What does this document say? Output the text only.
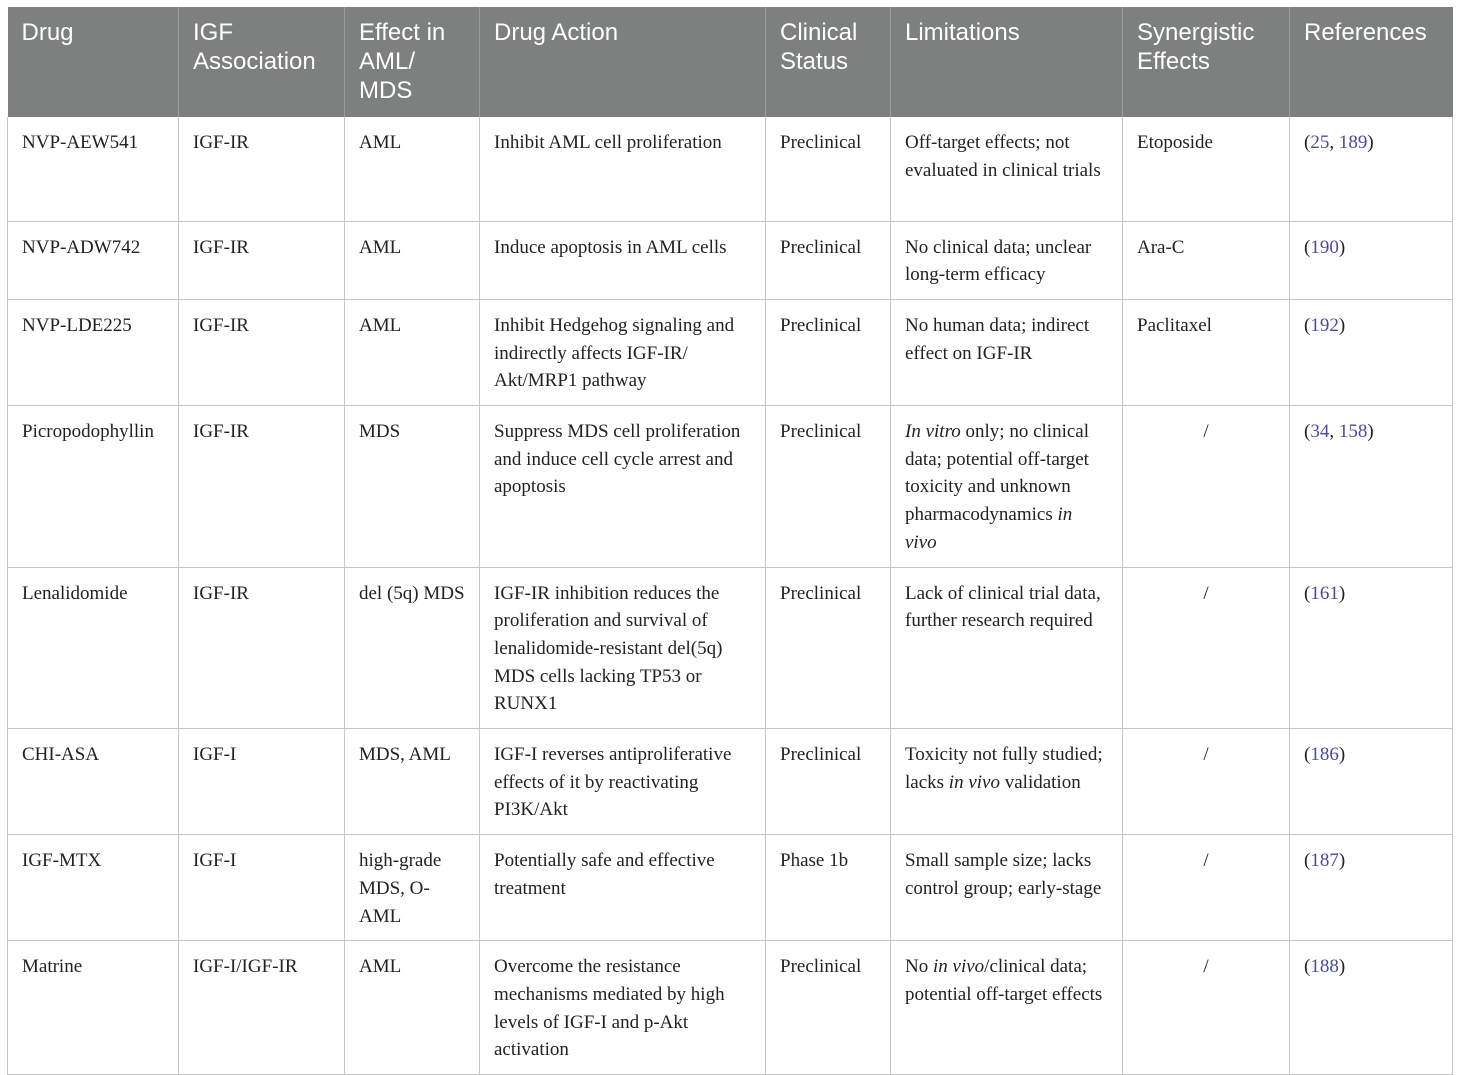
Drug	IGF Association	Effect in AML/ MDS	Drug Action	Clinical Status	Limitations	Synergistic Effects	References
NVP-AEW541	IGF-IR	AML	Inhibit AML cell proliferation	Preclinical	Off-target effects; not evaluated in clinical trials	Etoposide	(25, 189)
NVP-ADW742	IGF-IR	AML	Induce apoptosis in AML cells	Preclinical	No clinical data; unclear long-term efficacy	Ara-C	(190)
NVP-LDE225	IGF-IR	AML	Inhibit Hedgehog signaling and indirectly affects IGF-IR/ Akt/MRP1 pathway	Preclinical	No human data; indirect effect on IGF-IR	Paclitaxel	(192)
Picropodophyllin	IGF-IR	MDS	Suppress MDS cell proliferation and induce cell cycle arrest and apoptosis	Preclinical	In vitro only; no clinical data; potential off-target toxicity and unknown pharmacodynamics in vivo	/	(34, 158)
Lenalidomide	IGF-IR	del (5q) MDS	IGF-IR inhibition reduces the proliferation and survival of lenalidomide-resistant del(5q) MDS cells lacking TP53 or RUNX1	Preclinical	Lack of clinical trial data, further research required	/	(161)
CHI-ASA	IGF-I	MDS, AML	IGF-I reverses antiproliferative effects of it by reactivating PI3K/Akt	Preclinical	Toxicity not fully studied; lacks in vivo validation	/	(186)
IGF-MTX	IGF-I	high-grade MDS, O-AML	Potentially safe and effective treatment	Phase 1b	Small sample size; lacks control group; early-stage	/	(187)
Matrine	IGF-I/IGF-IR	AML	Overcome the resistance mechanisms mediated by high levels of IGF-I and p-Akt activation	Preclinical	No in vivo/clinical data; potential off-target effects	/	(188)
